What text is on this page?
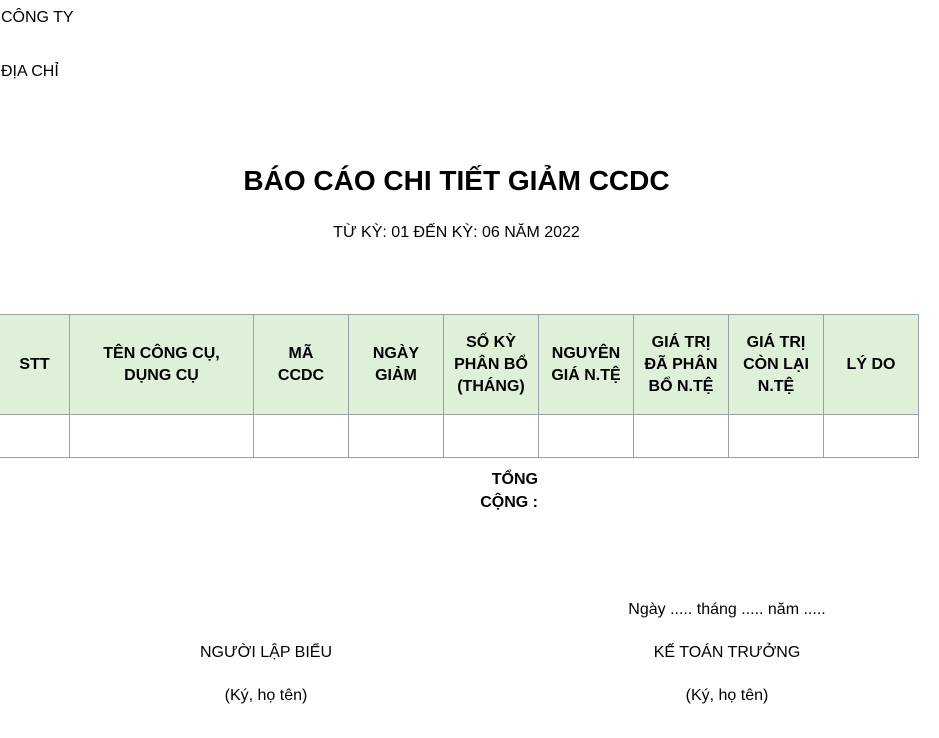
CÔNG TY
ĐỊA CHỈ
BÁO CÁO CHI TIẾT GIẢM CCDC
TỪ KỲ: 01 ĐẾN KỲ: 06 NĂM 2022
STT	TÊN CÔNG CỤ, DỤNG CỤ	MÃ CCDC	NGÀY GIẢM	SỐ KỲ PHÂN BỔ (THÁNG)	NGUYÊN GIÁ N.TỆ	GIÁ TRỊ ĐÃ PHÂN BỔ N.TỆ	GIÁ TRỊ CÒN LẠI N.TỆ	LÝ DO

TỔNG CỘNG :
Ngày ..... tháng ..... năm .....
NGƯỜI LẬP BIỂU
(Ký, họ tên)
KẾ TOÁN TRƯỞNG
(Ký, họ tên)
